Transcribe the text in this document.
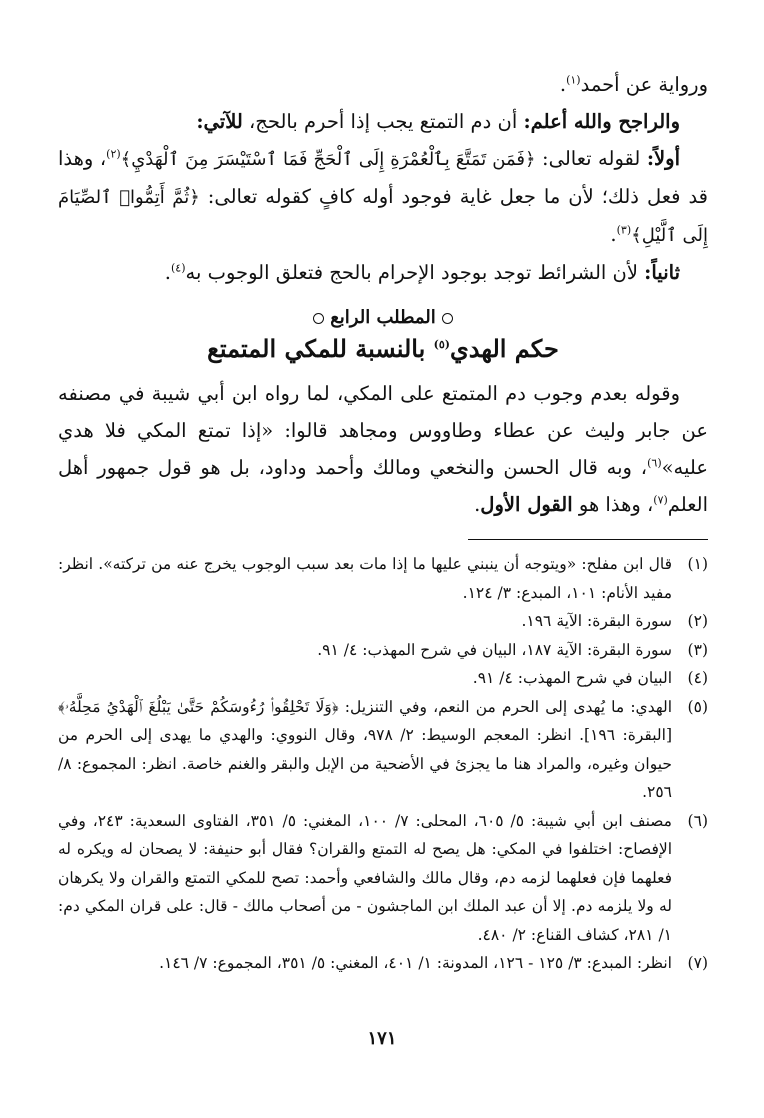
ورواية عن أحمد$^{(١)}$.

والراجح والله أعلم: أن دم التمتع يجب إذا أحرم بالحج، للآتي:

أولاً: لقوله تعالى: ﴿فَمَن تَمَتَّعَ بِٱلْعُمْرَةِ إِلَى ٱلْحَجِّ فَمَا ٱسْتَيْسَرَ مِنَ ٱلْهَدْيِ﴾$^{(٢)}$، وهذا قد فعل ذلك؛ لأن ما جعل غاية فوجود أوله كافٍ كقوله تعالى: ﴿ثُمَّ أَتِمُّوا۟ ٱلصِّيَامَ إِلَى ٱلَّيْلِ﴾$^{(٣)}$.

ثانياً: لأن الشرائط توجد بوجود الإحرام بالحج فتعلق الوجوب به$^{(٤)}$.

المطلب الرابع
حكم الهدي$^{(٥)}$ بالنسبة للمكي المتمتع

وقوله بعدم وجوب دم المتمتع على المكي، لما رواه ابن أبي شيبة في مصنفه عن جابر وليث عن عطاء وطاووس ومجاهد قالوا: «إذا تمتع المكي فلا هدي عليه»$^{(٦)}$، وبه قال الحسن والنخعي ومالك وأحمد وداود، بل هو قول جمهور أهل العلم$^{(٧)}$، وهذا هو القول الأول.

(١)
قال ابن مفلح: «ويتوجه أن ينبني عليها ما إذا مات بعد سبب الوجوب يخرج عنه من تركته». انظر: مفيد الأنام: ١٠١، المبدع: ٣/ ١٢٤.
(٢)
سورة البقرة: الآية ١٩٦.
(٣)
سورة البقرة: الآية ١٨٧، البيان في شرح المهذب: ٤/ ٩١.
(٤)
البيان في شرح المهذب: ٤/ ٩١.
(٥)
الهدي: ما يُهدى إلى الحرم من النعم، وفي التنزيل: ﴿وَلَا تَحْلِقُوا۟ رُءُوسَكُمْ حَتَّىٰ يَبْلُغَ ٱلْهَدْيُ مَحِلَّهُۥ﴾ [البقرة: ١٩٦]. انظر: المعجم الوسيط: ٢/ ٩٧٨، وقال النووي: والهدي ما يهدى إلى الحرم من حيوان وغيره، والمراد هنا ما يجزئ في الأضحية من الإبل والبقر والغنم خاصة. انظر: المجموع: ٨/ ٢٥٦.
(٦)
مصنف ابن أبي شيبة: ٥/ ٦٠٥، المحلى: ٧/ ١٠٠، المغني: ٥/ ٣٥١، الفتاوى السعدية: ٢٤٣، وفي الإفصاح: اختلفوا في المكي: هل يصح له التمتع والقران؟ فقال أبو حنيفة: لا يصحان له ويكره له فعلهما فإن فعلهما لزمه دم، وقال مالك والشافعي وأحمد: تصح للمكي التمتع والقران ولا يكرهان له ولا يلزمه دم. إلا أن عبد الملك ابن الماجشون - من أصحاب مالك - قال: على قران المكي دم: ١/ ٢٨١، كشاف القناع: ٢/ ٤٨٠.
(٧)
انظر: المبدع: ٣/ ١٢٥ - ١٢٦، المدونة: ١/ ٤٠١، المغني: ٥/ ٣٥١، المجموع: ٧/ ١٤٦.
١٧١
